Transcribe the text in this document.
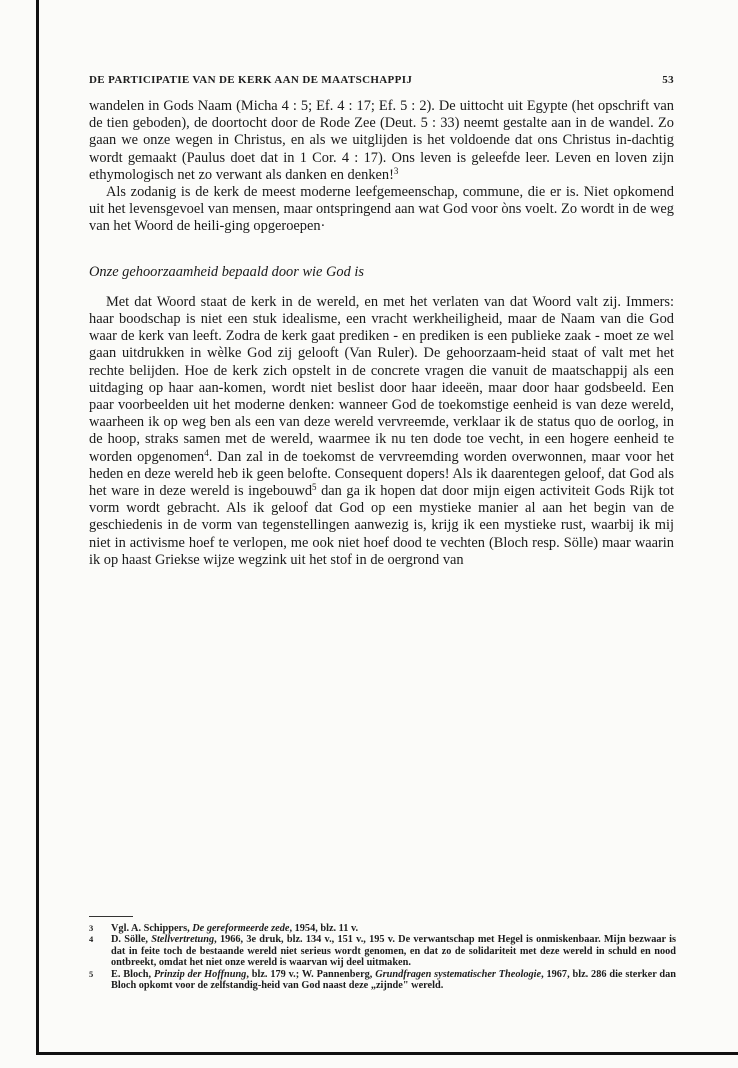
DE PARTICIPATIE VAN DE KERK AAN DE MAATSCHAPPIJ	53

wandelen in Gods Naam (Micha 4 : 5; Ef. 4 : 17; Ef. 5 : 2). De uittocht uit Egypte (het opschrift van de tien geboden), de doortocht door de Rode Zee (Deut. 5 : 33) neemt gestalte aan in de wandel. Zo gaan we onze wegen in Christus, en als we uitglijden is het voldoende dat ons Christus in-dachtig wordt gemaakt (Paulus doet dat in 1 Cor. 4 : 17). Ons leven is geleefde leer. Leven en loven zijn ethymologisch net zo verwant als danken en denken!$^3$

Als zodanig is de kerk de meest moderne leefgemeenschap, commune, die er is. Niet opkomend uit het levensgevoel van mensen, maar ontspringend aan wat God voor òns voelt. Zo wordt in de weg van het Woord de heili-ging opgeroepen·

Onze gehoorzaamheid bepaald door wie God is

Met dat Woord staat de kerk in de wereld, en met het verlaten van dat Woord valt zij. Immers: haar boodschap is niet een stuk idealisme, een vracht werkheiligheid, maar de Naam van die God waar de kerk van leeft. Zodra de kerk gaat prediken - en prediken is een publieke zaak - moet ze wel gaan uitdrukken in wèlke God zij gelooft (Van Ruler). De gehoorzaam-heid staat of valt met het rechte belijden. Hoe de kerk zich opstelt in de concrete vragen die vanuit de maatschappij als een uitdaging op haar aan-komen, wordt niet beslist door haar ideeën, maar door haar godsbeeld. Een paar voorbeelden uit het moderne denken: wanneer God de toekomstige eenheid is van deze wereld, waarheen ik op weg ben als een van deze wereld vervreemde, verklaar ik de status quo de oorlog, in de hoop, straks samen met de wereld, waarmee ik nu ten dode toe vecht, in een hogere eenheid te worden opgenomen$^4$. Dan zal in de toekomst de vervreemding worden overwonnen, maar voor het heden en deze wereld heb ik geen belofte. Consequent dopers! Als ik daarentegen geloof, dat God als het ware in deze wereld is ingebouwd$^5$ dan ga ik hopen dat door mijn eigen activiteit Gods Rijk tot vorm wordt gebracht. Als ik geloof dat God op een mystieke manier al aan het begin van de geschiedenis in de vorm van tegenstellingen aanwezig is, krijg ik een mystieke rust, waarbij ik mij niet in activisme hoef te verlopen, me ook niet hoef dood te vechten (Bloch resp. Sölle) maar waarin ik op haast Griekse wijze wegzink uit het stof in de oergrond van

3 Vgl. A. Schippers, De gereformeerde zede, 1954, blz. 11 v.
4 D. Sölle, Stellvertretung, 1966, 3e druk, blz. 134 v., 151 v., 195 v. De verwantschap met Hegel is onmiskenbaar. Mijn bezwaar is dat in feite toch de bestaande wereld niet serieus wordt genomen, en dat zo de solidariteit met deze wereld in schuld en nood ontbreekt, omdat het niet onze wereld is waarvan wij deel uitmaken.
5 E. Bloch, Prinzip der Hoffnung, blz. 179 v.; W. Pannenberg, Grundfragen systematischer Theologie, 1967, blz. 286 die sterker dan Bloch opkomt voor de zelfstandig-heid van God naast deze „zijnde" wereld.
